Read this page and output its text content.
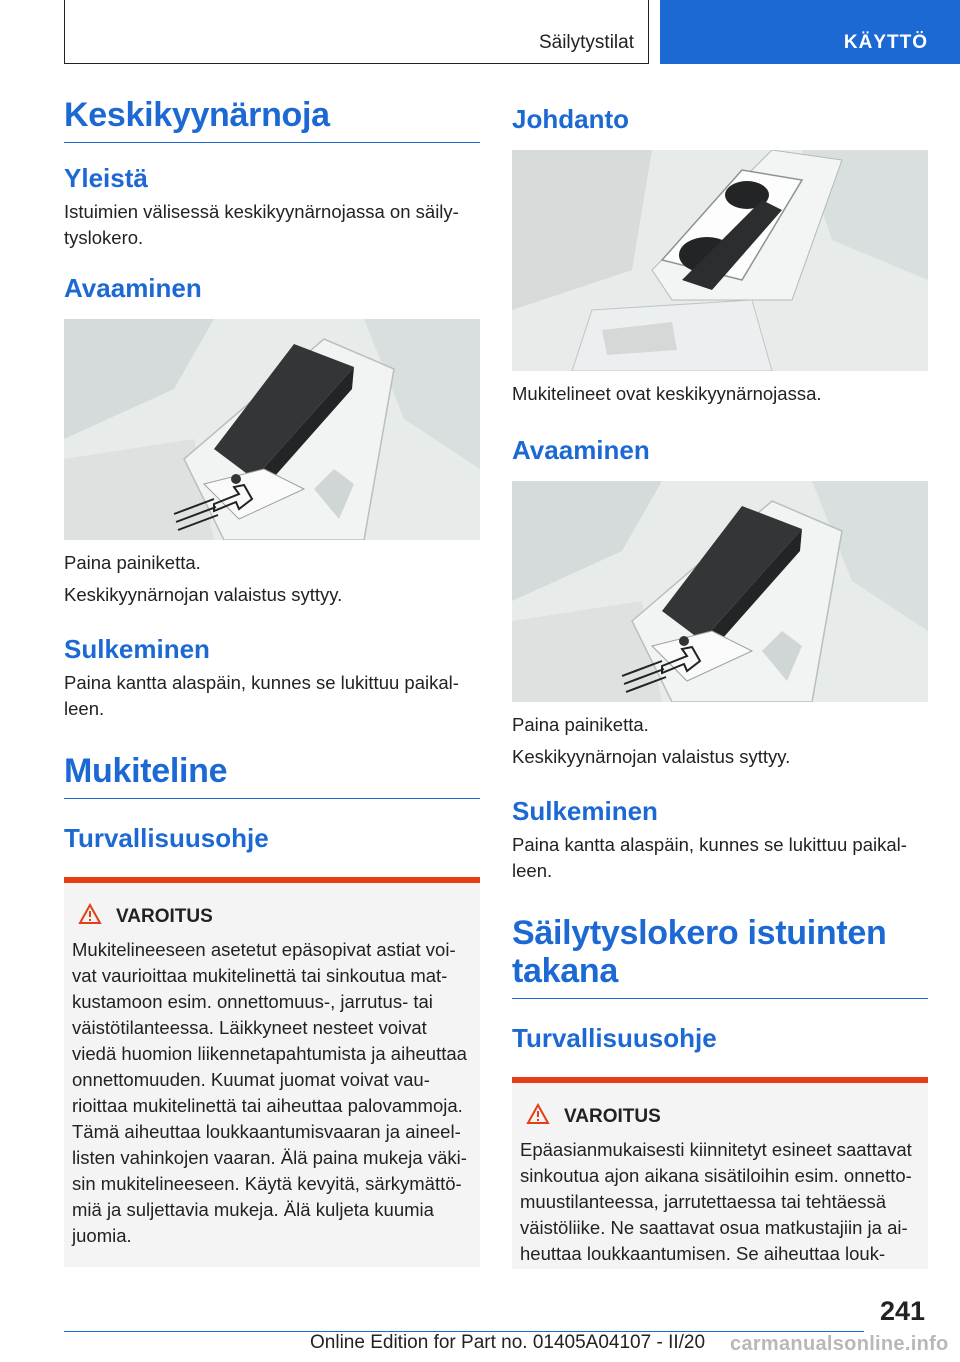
Säilytystilat	KÄYTTÖ
Keskikyynärnoja
Yleistä

Istuimien välisessä keskikyynärnojassa on säilytyslokero.

Avaaminen

Paina painiketta.

Keskikyynärnojan valaistus syttyy.

Sulkeminen

Paina kantta alaspäin, kunnes se lukittuu paikalleen.

Mukiteline
Turvallisuusohje
VAROITUS

Mukitelineeseen asetetut epäsopivat astiat voivat vaurioittaa mukitelinettä tai sinkoutua matkustamoon esim. onnettomuus-, jarrutus- tai väistötilanteessa. Läikkyneet nesteet voivat viedä huomion liikennetapahtumista ja aiheuttaa onnettomuuden. Kuumat juomat voivat vaurioittaa mukitelinettä tai aiheuttaa palovammoja. Tämä aiheuttaa loukkaantumisvaaran ja aineellisten vahinkojen vaaran. Älä paina mukeja väkisin mukitelineeseen. Käytä kevyitä, särkymättömiä ja suljettavia mukeja. Älä kuljeta kuumia juomia.

Johdanto

Mukitelineet ovat keskikyynärnojassa.

Avaaminen

Paina painiketta.

Keskikyynärnojan valaistus syttyy.

Sulkeminen

Paina kantta alaspäin, kunnes se lukittuu paikalleen.

Säilytyslokero istuinten takana
Turvallisuusohje
VAROITUS

Epäasianmukaisesti kiinnitetyt esineet saattavat sinkoutua ajon aikana sisätiloihin esim. onnettomuustilanteessa, jarrutettaessa tai tehtäessä väistöliike. Ne saattavat osua matkustajiin ja aiheuttaa loukkaantumisen. Se aiheuttaa louk-

241
Online Edition for Part no. 01405A04107 - II/20 carmanualsonline.info
